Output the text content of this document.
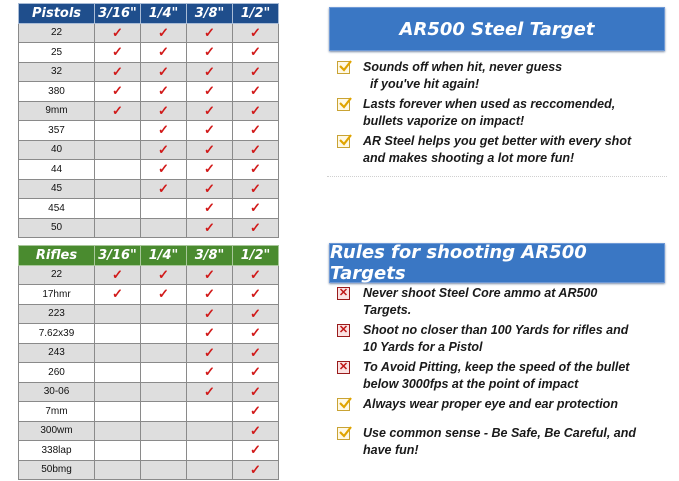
Pistols	3/16"	1/4"	3/8"	1/2"
22	✓	✓	✓	✓
25	✓	✓	✓	✓
32	✓	✓	✓	✓
380	✓	✓	✓	✓
9mm	✓	✓	✓	✓
357		✓	✓	✓
40		✓	✓	✓
44		✓	✓	✓
45		✓	✓	✓
454			✓	✓
50			✓	✓
Rifles	3/16"	1/4"	3/8"	1/2"
22	✓	✓	✓	✓
17hmr	✓	✓	✓	✓
223			✓	✓
7.62x39			✓	✓
243			✓	✓
260			✓	✓
30-06			✓	✓
7mm				✓
300wm				✓
338lap				✓
50bmg				✓
AR500 Steel Target
Sounds off when hit, never guess
if you've hit again!
Lasts forever when used as reccomended,
bullets vaporize on impact!
AR Steel helps you get better with every shot
and makes shooting a lot more fun!
Rules for shooting AR500 Targets
✕ Never shoot Steel Core ammo at AR500
Targets.
✕ Shoot no closer than 100 Yards for rifles and
10 Yards for a Pistol
✕ To Avoid Pitting, keep the speed of the bullet
below 3000fps at the point of impact
Always wear proper eye and ear protection
Use common sense - Be Safe, Be Careful, and
have fun!
